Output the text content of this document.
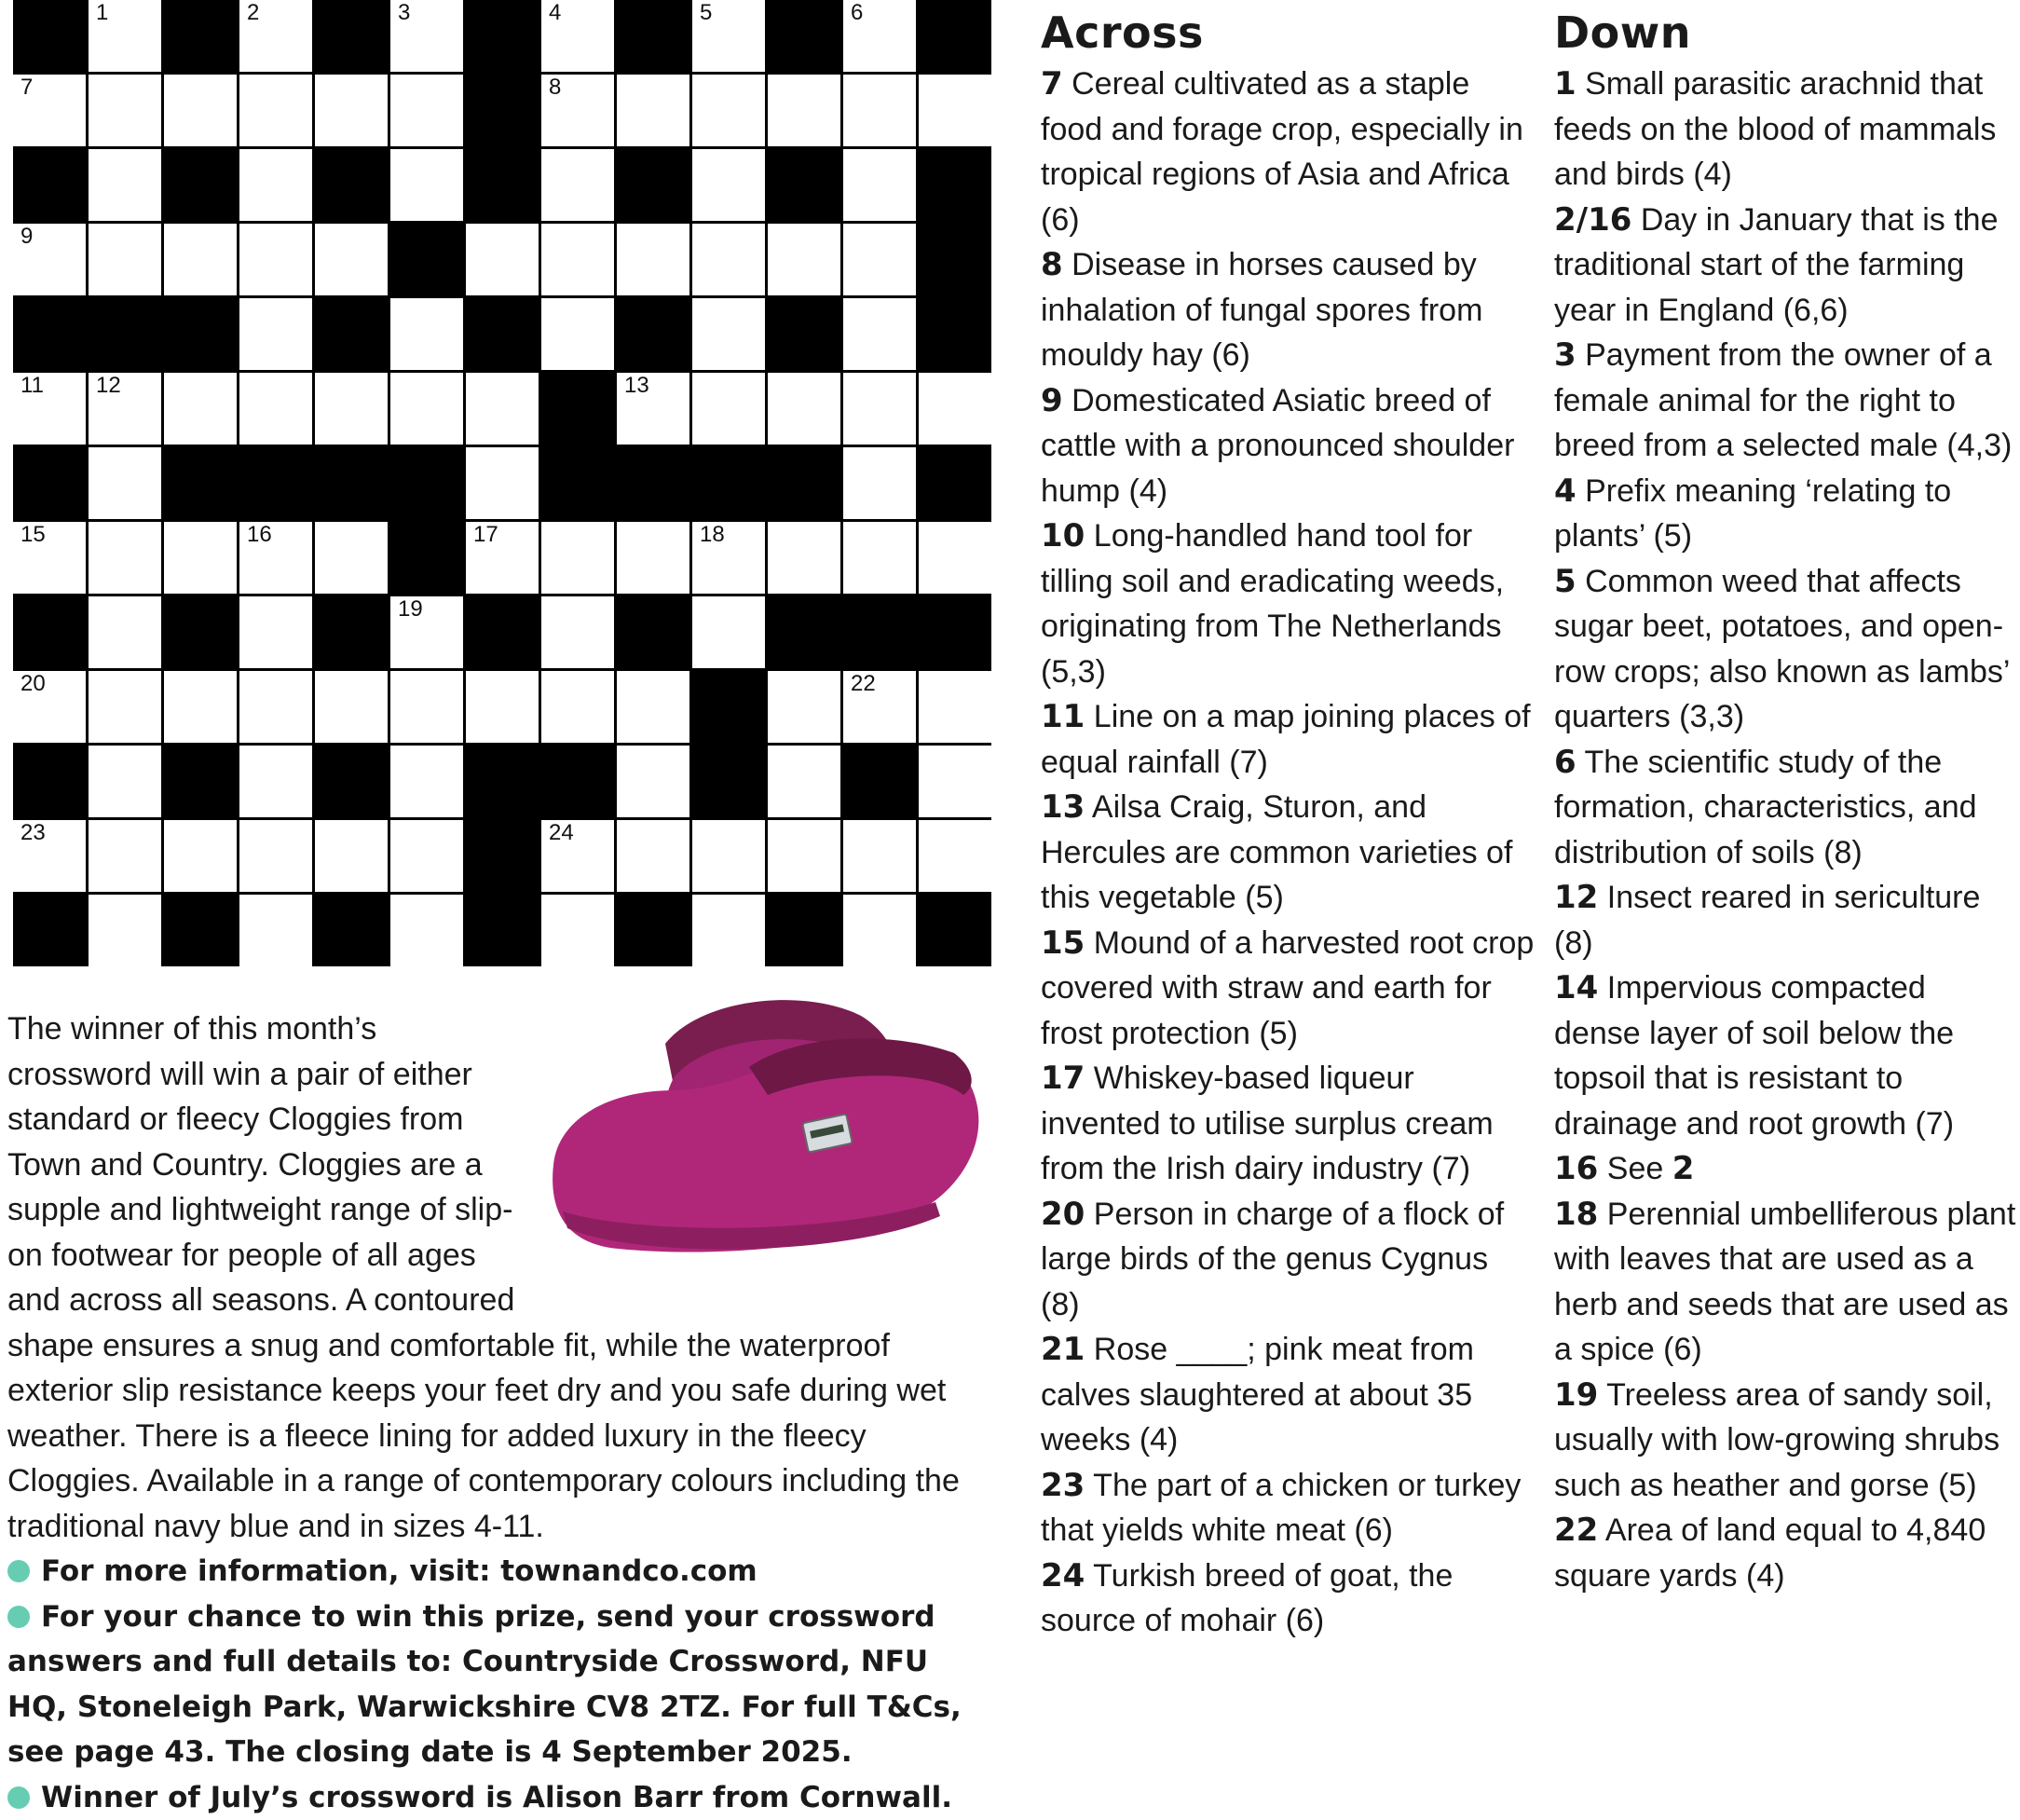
1	2	3	4	5	6
7	8
9
11 12	13
15	16	17	18
19
20	22
23	24
Across

7 Cereal cultivated as a staple food and forage crop, especially in tropical regions of Asia and Africa (6)

8 Disease in horses caused by inhalation of fungal spores from mouldy hay (6)

9 Domesticated Asiatic breed of cattle with a pronounced shoulder hump (4)

10 Long-handled hand tool for tilling soil and eradicating weeds, originating from The Netherlands (5,3)

11 Line on a map joining places of equal rainfall (7)

13 Ailsa Craig, Sturon, and Hercules are common varieties of this vegetable (5)

15 Mound of a harvested root crop covered with straw and earth for frost protection (5)

17 Whiskey-based liqueur invented to utilise surplus cream from the Irish dairy industry (7)

20 Person in charge of a flock of large birds of the genus Cygnus (8)

21 Rose ____; pink meat from calves slaughtered at about 35 weeks (4)

23 The part of a chicken or turkey that yields white meat (6)

24 Turkish breed of goat, the source of mohair (6)

Down

1 Small parasitic arachnid that feeds on the blood of mammals and birds (4)

2/16 Day in January that is the traditional start of the farming year in England (6,6)

3 Payment from the owner of a female animal for the right to breed from a selected male (4,3)

4 Prefix meaning ‘relating to plants’ (5)

5 Common weed that affects sugar beet, potatoes, and open-row crops; also known as lambs’ quarters (3,3)

6 The scientific study of the formation, characteristics, and distribution of soils (8)

12 Insect reared in sericulture (8)

14 Impervious compacted dense layer of soil below the topsoil that is resistant to drainage and root growth (7)

16 See 2

18 Perennial umbelliferous plant with leaves that are used as a herb and seeds that are used as a spice (6)

19 Treeless area of sandy soil, usually with low-growing shrubs such as heather and gorse (5)

22 Area of land equal to 4,840 square yards (4)

The winner of this month’s crossword will win a pair of either standard or fleecy Cloggies from Town and Country. Cloggies are a supple and lightweight range of slip-on footwear for people of all ages and across all seasons. A contoured shape ensures a snug and comfortable fit, while the waterproof exterior slip resistance keeps your feet dry and you safe during wet weather. There is a fleece lining for added luxury in the fleecy Cloggies. Available in a range of contemporary colours including the traditional navy blue and in sizes 4-11.

For more information, visit: townandco.com

For your chance to win this prize, send your crossword answers and full details to: Countryside Crossword, NFU HQ, Stoneleigh Park, Warwickshire CV8 2TZ. For full T&Cs, see page 43. The closing date is 4 September 2025.

Winner of July’s crossword is Alison Barr from Cornwall.
